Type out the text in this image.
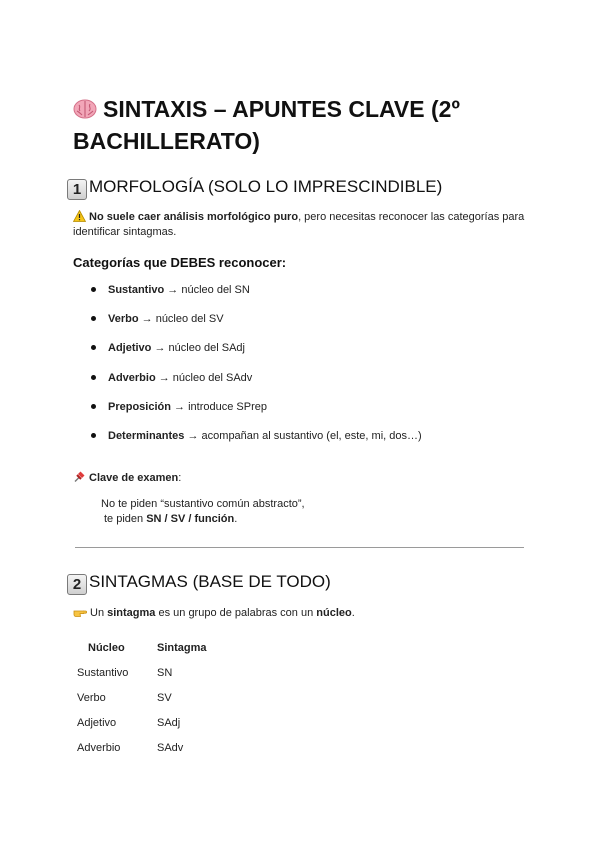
SINTAXIS – APUNTES CLAVE (2º BACHILLERATO)
1 MORFOLOGÍA (SOLO LO IMPRESCINDIBLE)

No suele caer análisis morfológico puro, pero necesitas reconocer las categorías para identificar sintagmas.

Categorías que DEBES reconocer:

Sustantivo → núcleo del SN
Verbo → núcleo del SV
Adjetivo → núcleo del SAdj
Adverbio → núcleo del SAdv
Preposición → introduce SPrep
Determinantes → acompañan al sustantivo (el, este, mi, dos…)

Clave de examen:

No te piden “sustantivo común abstracto”,
te piden SN / SV / función.
2 SINTAGMAS (BASE DE TODO)

Un sintagma es un grupo de palabras con un núcleo.

Núcleo	Sintagma
Sustantivo	SN
Verbo	SV
Adjetivo	SAdj
Adverbio	SAdv
